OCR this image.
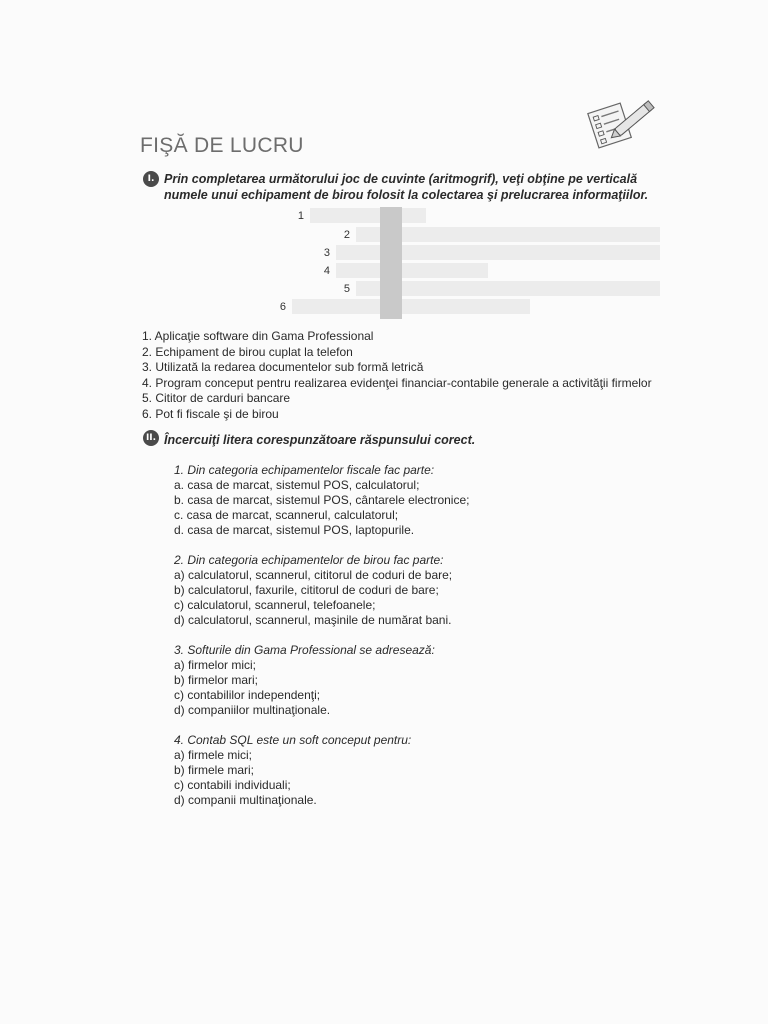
FIŞĂ DE LUCRU
I. Prin completarea următorului joc de cuvinte (aritmogrif), veţi obţine pe verticală numele unui echipament de birou folosit la colectarea şi prelucrarea informaţiilor.
1
2
3
4
5
6
1. Aplicaţie software din Gama Professional
2. Echipament de birou cuplat la telefon
3. Utilizată la redarea documentelor sub formă letrică
4. Program conceput pentru realizarea evidenţei financiar-contabile generale a activităţii firmelor
5. Cititor de carduri bancare
6. Pot fi fiscale şi de birou
II. Încercuiţi litera corespunzătoare răspunsului corect.
1. Din categoria echipamentelor fiscale fac parte:
a. casa de marcat, sistemul POS, calculatorul;
b. casa de marcat, sistemul POS, cântarele electronice;
c. casa de marcat, scannerul, calculatorul;
d. casa de marcat, sistemul POS, laptopurile.
2. Din categoria echipamentelor de birou fac parte:
a) calculatorul, scannerul, cititorul de coduri de bare;
b) calculatorul, faxurile, cititorul de coduri de bare;
c) calculatorul, scannerul, telefoanele;
d) calculatorul, scannerul, maşinile de numărat bani.
3. Softurile din Gama Professional se adresează:
a) firmelor mici;
b) firmelor mari;
c) contabililor independenţi;
d) companiilor multinaţionale.
4. Contab SQL este un soft conceput pentru:
a) firmele mici;
b) firmele mari;
c) contabili individuali;
d) companii multinaţionale.
